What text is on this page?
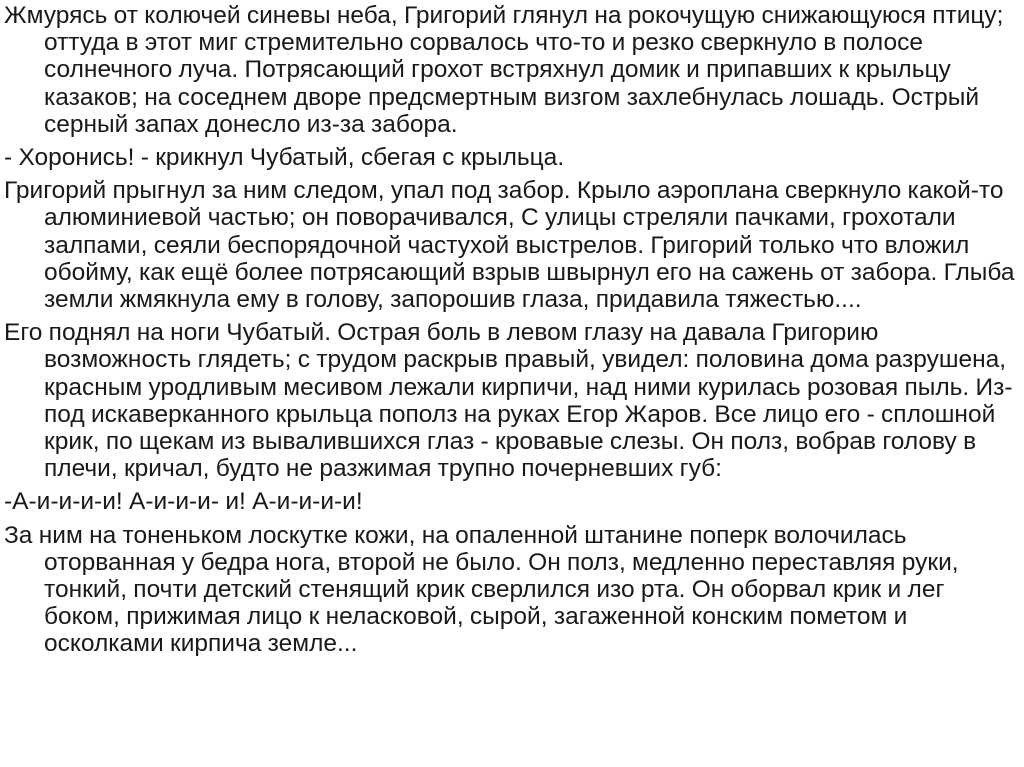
Жмурясь от колючей синевы неба, Григорий глянул на рокочущую снижающуюся птицу; оттуда в этот миг стремительно сорвалось что-то и резко сверкнуло в полосе солнечного луча. Потрясающий грохот встряхнул домик и припавших к крыльцу казаков; на соседнем дворе предсмертным визгом захлебнулась лошадь. Острый серный запах донесло из-за забора.

- Хоронись! - крикнул Чубатый, сбегая с крыльца.

Григорий прыгнул за ним следом, упал под забор. Крыло аэроплана сверкнуло какой-то алюминиевой частью; он поворачивался, С улицы стреляли пачками, грохотали залпами, сеяли беспорядочной частухой выстрелов. Григорий только что вложил обойму, как ещё более потрясающий взрыв швырнул его на сажень от забора. Глыба земли жмякнула ему в голову, запорошив глаза, придавила тяжестью....

Его поднял на ноги Чубатый. Острая боль в левом глазу на давала Григорию возможность глядеть; с трудом раскрыв правый, увидел: половина дома разрушена, красным уродливым месивом лежали кирпичи, над ними курилась розовая пыль. Из-под искаверканного крыльца пополз на руках Егор Жаров. Все лицо его - сплошной крик, по щекам из вывалившихся глаз - кровавые слезы. Он полз, вобрав голову в плечи, кричал, будто не разжимая трупно почерневших губ:

-А-и-и-и-и! А-и-и-и- и! А-и-и-и-и!

За ним на тоненьком лоскутке кожи, на опаленной штанине поперк волочилась оторванная у бедра нога, второй не было. Он полз, медленно переставляя руки, тонкий, почти детский стенящий крик сверлился изо рта. Он оборвал крик и лег боком, прижимая лицо к неласковой, сырой, загаженной конским пометом и осколками кирпича земле...
